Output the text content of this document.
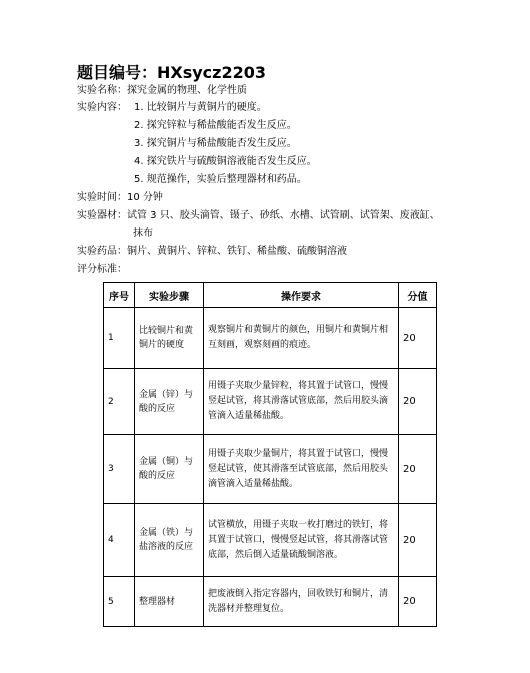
题目编号：HXsycz2203
实验名称：探究金属的物理、化学性质
实验内容： 1. 比较铜片与黄铜片的硬度。
2. 探究锌粒与稀盐酸能否发生反应。
3. 探究铜片与稀盐酸能否发生反应。
4. 探究铁片与硫酸铜溶液能否发生反应。
5. 规范操作，实验后整理器材和药品。
实验时间：10 分钟
实验器材：试管 3 只、胶头滴管、镊子、砂纸、水槽、试管刷、试管架、废液缸、
抹布
实验药品：铜片、黄铜片、锌粒、铁钉、稀盐酸、硫酸铜溶液
评分标准：
序号	实验步骤	操作要求	分值
1	比较铜片和黄铜片的硬度	观察铜片和黄铜片的颜色，用铜片和黄铜片相互刻画，观察刻画的痕迹。	20
2	金属（锌）与酸的反应	用镊子夹取少量锌粒，将其置于试管口，慢慢竖起试管，将其滑落试管底部，然后用胶头滴管滴入适量稀盐酸。	20
3	金属（铜）与酸的反应	用镊子夹取少量铜片，将其置于试管口，慢慢竖起试管，使其滑落至试管底部，然后用胶头滴管滴入适量稀盐酸。	20
4	金属（铁）与盐溶液的反应	试管横放，用镊子夹取一枚打磨过的铁钉，将其置于试管口，慢慢竖起试管，将其滑落试管底部，然后倒入适量硫酸铜溶液。	20
5	整理器材	把废液倒入指定容器内，回收铁钉和铜片，清洗器材并整理复位。	20
